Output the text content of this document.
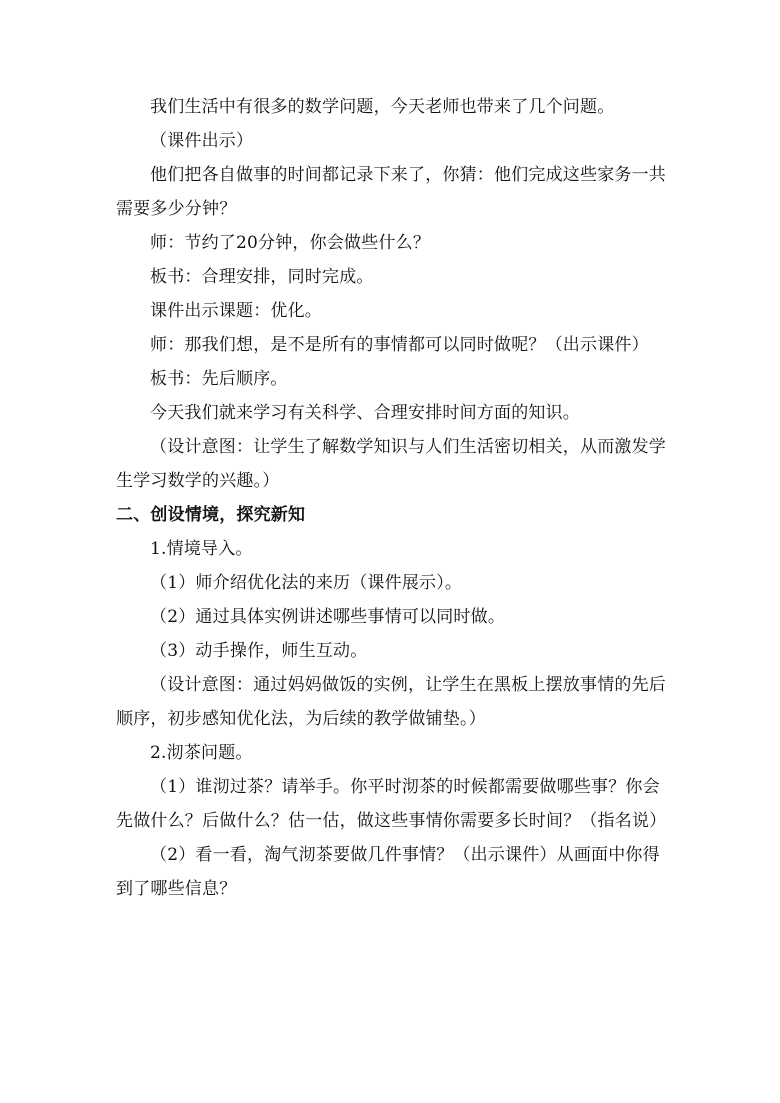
我们生活中有很多的数学问题，今天老师也带来了几个问题。

（课件出示）

他们把各自做事的时间都记录下来了，你猜：他们完成这些家务一共需要多少分钟？

师：节约了20分钟，你会做些什么？

板书：合理安排，同时完成。

课件出示课题：优化。

师：那我们想，是不是所有的事情都可以同时做呢？（出示课件）

板书：先后顺序。

今天我们就来学习有关科学、合理安排时间方面的知识。

（设计意图：让学生了解数学知识与人们生活密切相关，从而激发学生学习数学的兴趣。）

二、创设情境，探究新知

1.情境导入。

（1）师介绍优化法的来历（课件展示）。

（2）通过具体实例讲述哪些事情可以同时做。

（3）动手操作，师生互动。

（设计意图：通过妈妈做饭的实例，让学生在黑板上摆放事情的先后顺序，初步感知优化法，为后续的教学做铺垫。）

2.沏茶问题。

（1）谁沏过茶？请举手。你平时沏茶的时候都需要做哪些事？你会先做什么？后做什么？估一估，做这些事情你需要多长时间？（指名说）

（2）看一看，淘气沏茶要做几件事情？（出示课件）从画面中你得到了哪些信息？
